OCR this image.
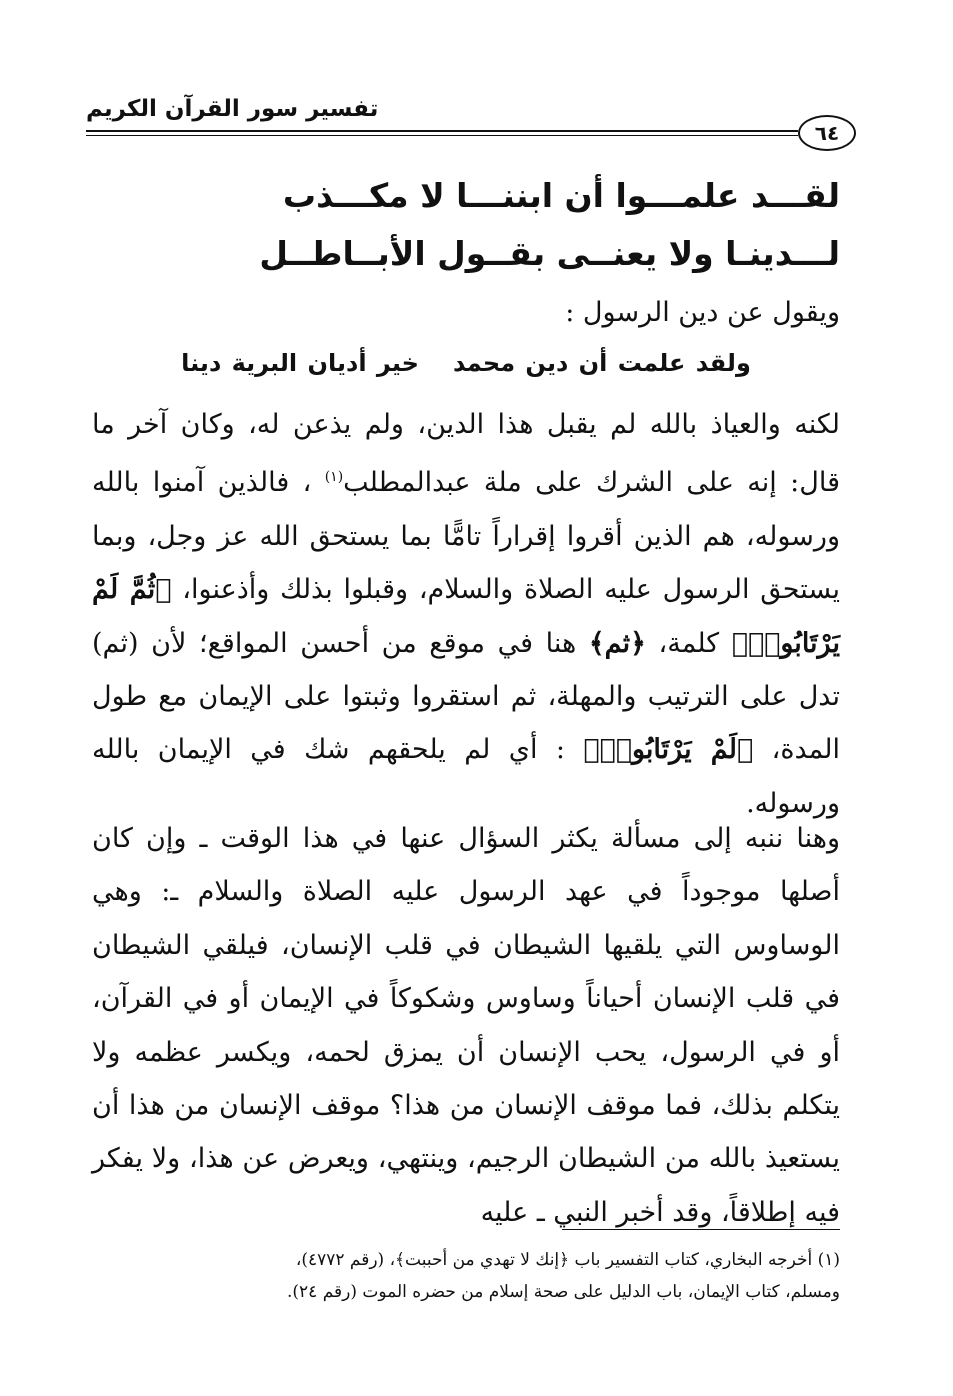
تفسير سور القرآن الكريم
٦٤
لقـــد علمـــوا أن ابننـــا لا مكـــذب
لـــدينـا ولا يعنــى بقــول الأبــاطــل
ويقول عن دين الرسول :
ولقد علمت أن دين محمدخير أديان البرية دينا
لكنه والعياذ بالله لم يقبل هذا الدين، ولم يذعن له، وكان آخر ما قال: إنه على الشرك على ملة عبدالمطلب$^{(١)}$ ، فالذين آمنوا بالله ورسوله، هم الذين أقروا إقراراً تامًّا بما يستحق الله عز وجل، وبما يستحق الرسول عليه الصلاة والسلام، وقبلوا بذلك وأذعنوا، ﴿ثُمَّ لَمْ يَرْتَابُوا۟﴾ كلمة، ﴿ثم﴾ هنا في موقع من أحسن المواقع؛ لأن (ثم) تدل على الترتيب والمهلة، ثم استقروا وثبتوا على الإيمان مع طول المدة، ﴿لَمْ يَرْتَابُوا۟﴾ : أي لم يلحقهم شك في الإيمان بالله ورسوله.
وهنا ننبه إلى مسألة يكثر السؤال عنها في هذا الوقت ـ وإن كان أصلها موجوداً في عهد الرسول عليه الصلاة والسلام ـ: وهي الوساوس التي يلقيها الشيطان في قلب الإنسان، فيلقي الشيطان في قلب الإنسان أحياناً وساوس وشكوكاً في الإيمان أو في القرآن، أو في الرسول، يحب الإنسان أن يمزق لحمه، ويكسر عظمه ولا يتكلم بذلك، فما موقف الإنسان من هذا؟ موقف الإنسان من هذا أن يستعيذ بالله من الشيطان الرجيم، وينتهي، ويعرض عن هذا، ولا يفكر فيه إطلاقاً، وقد أخبر النبي ـ عليه
(١) أخرجه البخاري، كتاب التفسير باب ﴿إنك لا تهدي من أحببت﴾، (رقم ٤٧٧٢)،
ومسلم، كتاب الإيمان، باب الدليل على صحة إسلام من حضره الموت (رقم ٢٤).
